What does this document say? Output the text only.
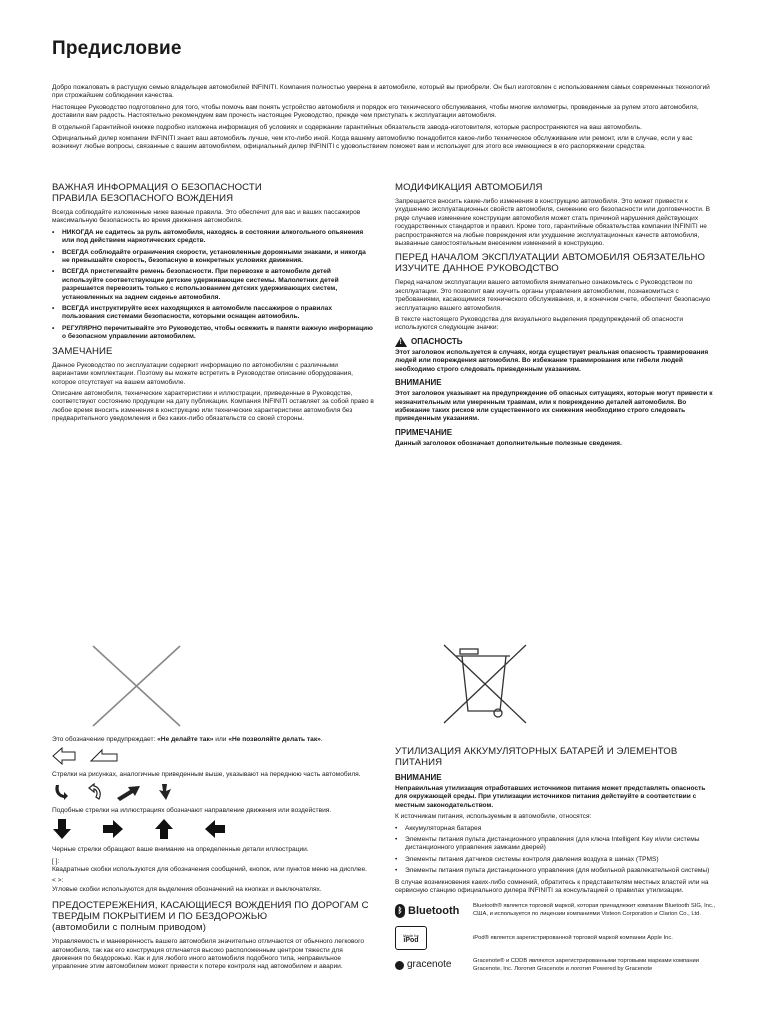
Предисловие

Добро пожаловать в растущую семью владельцев автомобилей INFINITI. Компания полностью уверена в автомобиле, который вы приобрели. Он был изготовлен с использованием самых современных технологий при строжайшем соблюдении качества.

Настоящее Руководство подготовлено для того, чтобы помочь вам понять устройство автомобиля и порядок его технического обслуживания, чтобы многие километры, проведенные за рулем этого автомобиля, доставили вам радость. Настоятельно рекомендуем вам прочесть настоящее Руководство, прежде чем приступать к эксплуатации автомобиля.

В отдельной Гарантийной книжке подробно изложена информация об условиях и содержании гарантийных обязательств завода-изготовителя, которые распространяются на ваш автомобиль.

Официальный дилер компании INFINITI знает ваш автомобиль лучше, чем кто-либо иной. Когда вашему автомобилю понадобится какое-либо техническое обслуживание или ремонт, или в случае, если у вас возникнут любые вопросы, связанные с вашим автомобилем, официальный дилер INFINITI с удовольствием поможет вам и использует для этого все имеющиеся в его распоряжении средства.

ВАЖНАЯ ИНФОРМАЦИЯ О БЕЗОПАСНОСТИ
ПРАВИЛА БЕЗОПАСНОГО ВОЖДЕНИЯ

Всегда соблюдайте изложенные ниже важные правила. Это обеспечит для вас и ваших пассажиров максимальную безопасность во время движения автомобиля.

• НИКОГДА не садитесь за руль автомобиля, находясь в состоянии алкогольного опьянения или под действием наркотических средств.
• ВСЕГДА соблюдайте ограничения скорости, установленные дорожными знаками, и никогда не превышайте скорость, безопасную в конкретных условиях движения.
• ВСЕГДА пристегивайте ремень безопасности. При перевозке в автомобиле детей используйте соответствующие детские удерживающие системы. Малолетних детей разрешается перевозить только с использованием детских удерживающих систем, установленных на заднем сиденье автомобиля.
• ВСЕГДА инструктируйте всех находящихся в автомобиле пассажиров о правилах пользования системами безопасности, которыми оснащен автомобиль.
• РЕГУЛЯРНО перечитывайте это Руководство, чтобы освежить в памяти важную информацию о безопасном управлении автомобилем.
ЗАМЕЧАНИЕ

Данное Руководство по эксплуатации содержит информацию по автомобилям с различными вариантами комплектации. Поэтому вы можете встретить в Руководстве описание оборудования, которое отсутствует на вашем автомобиле.

Описание автомобиля, технические характеристики и иллюстрации, приведенные в Руководстве, соответствуют состоянию продукции на дату публикации. Компания INFINITI оставляет за собой право в любое время вносить изменения в конструкцию или технические характеристики автомобиля без предварительного уведомления и без каких-либо обязательств со своей стороны.

МОДИФИКАЦИЯ АВТОМОБИЛЯ

Запрещается вносить какие-либо изменения в конструкцию автомобиля. Это может привести к ухудшению эксплуатационных свойств автомобиля, снижению его безопасности или долговечности. В ряде случаев изменение конструкции автомобиля может стать причиной нарушения действующих государственных стандартов и правил. Кроме того, гарантийные обязательства компании INFINITI не распространяются на любые повреждения или ухудшение эксплуатационных качеств автомобиля, вызванные самостоятельным внесением изменений в конструкцию.

ПЕРЕД НАЧАЛОМ ЭКСПЛУАТАЦИИ АВТОМОБИЛЯ ОБЯЗАТЕЛЬНО ИЗУЧИТЕ ДАННОЕ РУКОВОДСТВО

Перед началом эксплуатации вашего автомобиля внимательно ознакомьтесь с Руководством по эксплуатации. Это позволит вам изучить органы управления автомобилем, познакомиться с требованиями, касающимися технического обслуживания, и, в конечном счете, обеспечит безопасную эксплуатацию вашего автомобиля.

В тексте настоящего Руководства для визуального выделения предупреждений об опасности используются следующие значки:

! ОПАСНОСТЬ

Этот заголовок используется в случаях, когда существует реальная опасность травмирования людей или повреждения автомобиля. Во избежание травмирования или гибели людей необходимо строго следовать приведенным указаниям.

ВНИМАНИЕ

Этот заголовок указывает на предупреждение об опасных ситуациях, которые могут привести к незначительным или умеренным травмам, или к повреждению деталей автомобиля. Во избежание таких рисков или существенного их снижения необходимо строго следовать приведенным указаниям.

ПРИМЕЧАНИЕ

Данный заголовок обозначает дополнительные полезные сведения.

Это обозначение предупреждает: «Не делайте так» или «Не позволяйте делать так».

Стрелки на рисунках, аналогичные приведенным выше, указывают на переднюю часть автомобиля.

Подобные стрелки на иллюстрациях обозначают направление движения или воздействия.

Черные стрелки обращают ваше внимание на определенные детали иллюстрации.

[ ]:

Квадратные скобки используются для обозначения сообщений, кнопок, или пунктов меню на дисплее.

< >:

Угловые скобки используются для выделения обозначений на кнопках и выключателях.

ПРЕДОСТЕРЕЖЕНИЯ, КАСАЮЩИЕСЯ ВОЖДЕНИЯ ПО ДОРОГАМ С ТВЕРДЫМ ПОКРЫТИЕМ И ПО БЕЗДОРОЖЬЮ
(автомобили с полным приводом)

Управляемость и маневренность вашего автомобиля значительно отличаются от обычного легкового автомобиля, так как его конструкция отличается высоко расположенным центром тяжести для движения по бездорожью. Как и для любого иного автомобиля подобного типа, неправильное управление этим автомобилем может привести к потере контроля над автомобилем и аварии.

УТИЛИЗАЦИЯ АККУМУЛЯТОРНЫХ БАТАРЕЙ И ЭЛЕМЕНТОВ ПИТАНИЯ
ВНИМАНИЕ

Неправильная утилизация отработавших источников питания может представлять опасность для окружающей среды. При утилизации источников питания действуйте в соответствии с местным законодательством.

К источникам питания, используемым в автомобиле, относятся:

• Аккумуляторная батарея
• Элементы питания пульта дистанционного управления (для ключа Intelligent Key и/или системы дистанционного управления замками дверей)
• Элементы питания датчиков системы контроля давления воздуха в шинах (TPMS)
• Элементы питания пульта дистанционного управления (для мобильной развлекательной системы)

В случае возникновения каких-либо сомнений, обратитесь к представителям местных властей или на сервисную станцию официального дилера INFINITI за консультацией о правилах утилизации.

ᛒ Bluetooth Bluetooth® является торговой маркой, которая принадлежит компании Bluetooth SIG, Inc., США, и используется по лицензии компаниями Visteon Corporation и Clarion Co., Ltd.
Made for
iPod	iPod® является зарегистрированной торговой маркой компании Apple Inc.
gracenote	Gracenote® и CDDB являются зарегистрированными торговыми марками компании Gracenote, Inc. Логотип Gracenote и логотип Powered by Gracenote
